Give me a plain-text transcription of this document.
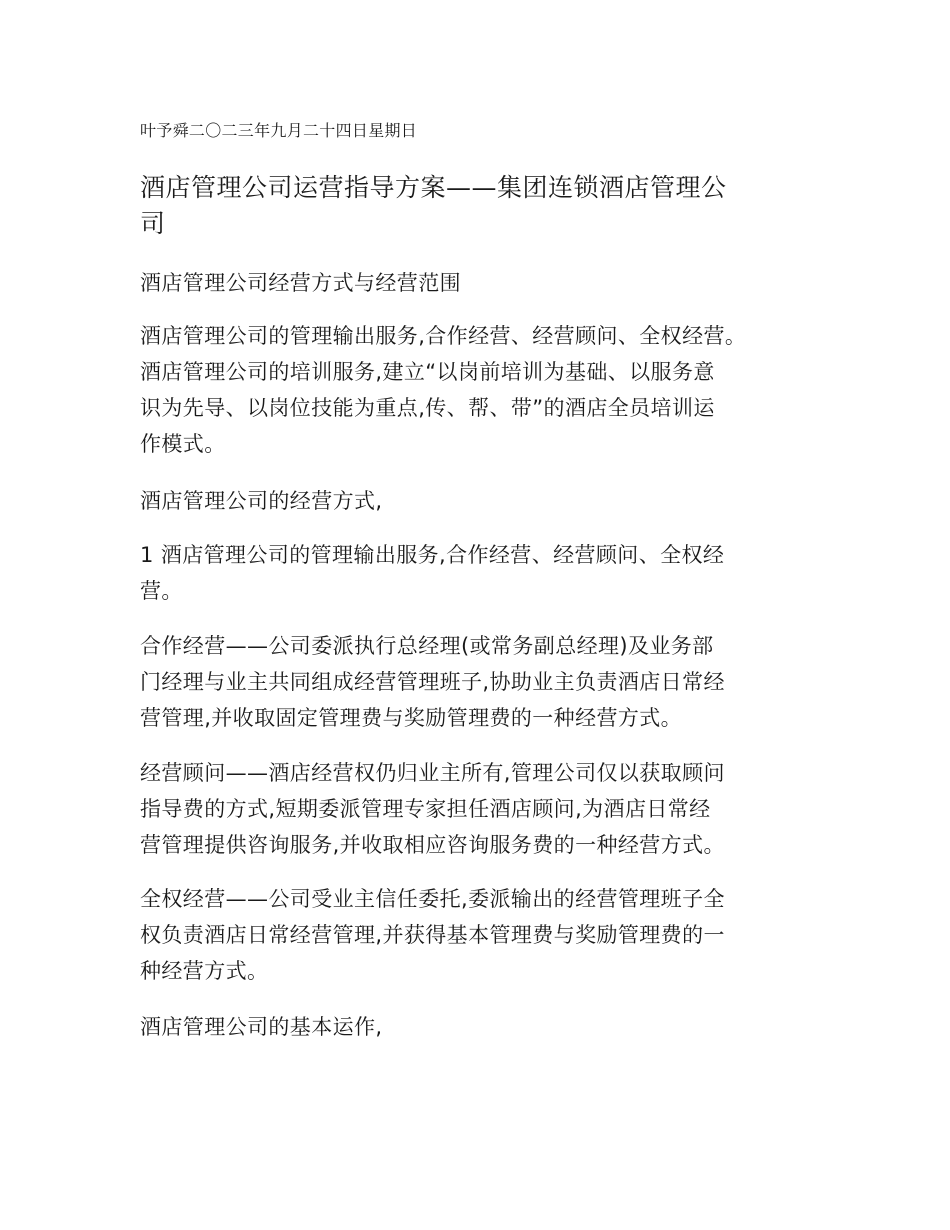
叶予舜二〇二三年九月二十四日星期日
酒店管理公司运营指导方案——集团连锁酒店管理公
司
酒店管理公司经营方式与经营范围
酒店管理公司的管理输出服务,合作经营、经营顾问、全权经营。
酒店管理公司的培训服务,建立“以岗前培训为基础、以服务意
识为先导、以岗位技能为重点,传、帮、带”的酒店全员培训运
作模式。
酒店管理公司的经营方式,
1 酒店管理公司的管理输出服务,合作经营、经营顾问、全权经
营。
合作经营——公司委派执行总经理(或常务副总经理)及业务部
门经理与业主共同组成经营管理班子,协助业主负责酒店日常经
营管理,并收取固定管理费与奖励管理费的一种经营方式。
经营顾问——酒店经营权仍归业主所有,管理公司仅以获取顾问
指导费的方式,短期委派管理专家担任酒店顾问,为酒店日常经
营管理提供咨询服务,并收取相应咨询服务费的一种经营方式。
全权经营——公司受业主信任委托,委派输出的经营管理班子全
权负责酒店日常经营管理,并获得基本管理费与奖励管理费的一
种经营方式。
酒店管理公司的基本运作,
